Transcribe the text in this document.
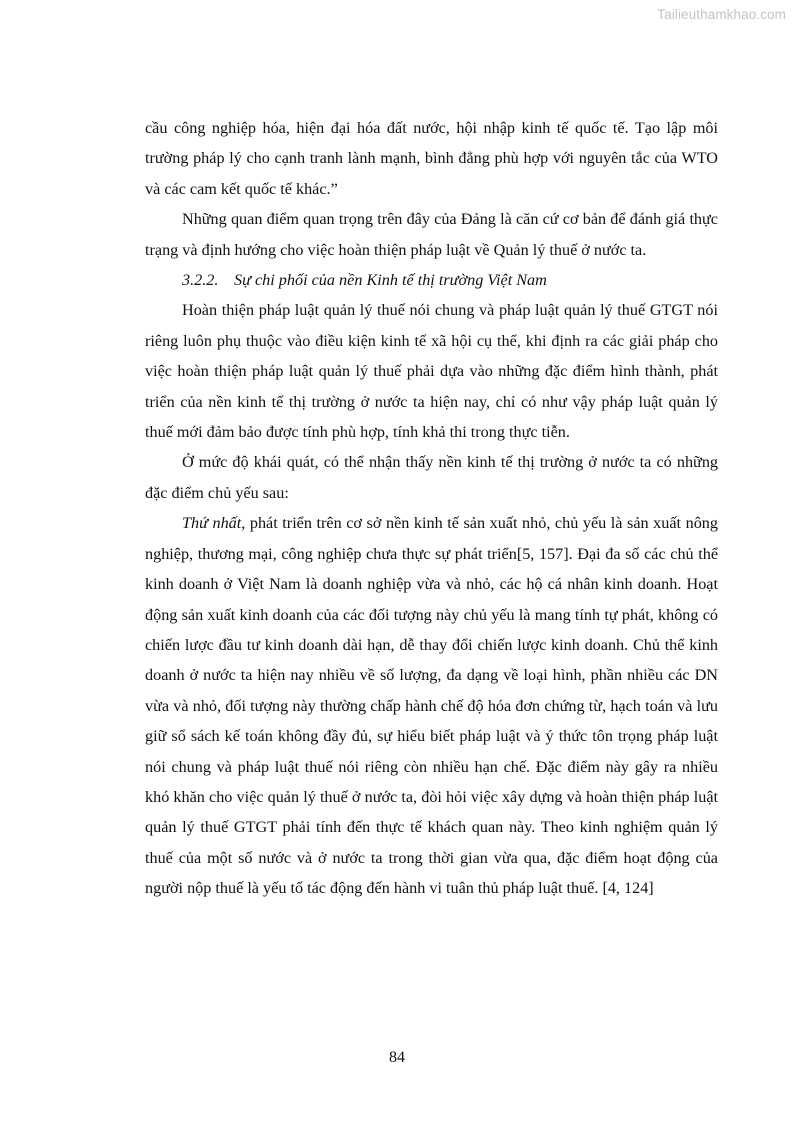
Tailieuthamkhao.com

cầu công nghiệp hóa, hiện đại hóa đất nước, hội nhập kinh tế quốc tế. Tạo lập môi trường pháp lý cho cạnh tranh lành mạnh, bình đẳng phù hợp với nguyên tắc của WTO và các cam kết quốc tế khác.”

Những quan điểm quan trọng trên đây của Đảng là căn cứ cơ bản để đánh giá thực trạng và định hướng cho việc hoàn thiện pháp luật về Quản lý thuế ở nước ta.

3.2.2. Sự chi phối của nền Kinh tế thị trường Việt Nam

Hoàn thiện pháp luật quản lý thuế nói chung và pháp luật quản lý thuế GTGT nói riêng luôn phụ thuộc vào điều kiện kinh tế xã hội cụ thể, khi định ra các giải pháp cho việc hoàn thiện pháp luật quản lý thuế phải dựa vào những đặc điểm hình thành, phát triển của nền kinh tế thị trường ở nước ta hiện nay, chỉ có như vậy pháp luật quản lý thuế mới đảm bảo được tính phù hợp, tính khả thi trong thực tiễn.

Ở mức độ khái quát, có thể nhận thấy nền kinh tế thị trường ở nước ta có những đặc điểm chủ yếu sau:

Thứ nhất, phát triển trên cơ sở nền kinh tế sản xuất nhỏ, chủ yếu là sản xuất nông nghiệp, thương mại, công nghiệp chưa thực sự phát triển[5, 157]. Đại đa số các chủ thể kinh doanh ở Việt Nam là doanh nghiệp vừa và nhỏ, các hộ cá nhân kinh doanh. Hoạt động sản xuất kinh doanh của các đối tượng này chủ yếu là mang tính tự phát, không có chiến lược đầu tư kinh doanh dài hạn, dễ thay đổi chiến lược kinh doanh. Chủ thể kinh doanh ở nước ta hiện nay nhiều về số lượng, đa dạng về loại hình, phần nhiều các DN vừa và nhỏ, đối tượng này thường chấp hành chế độ hóa đơn chứng từ, hạch toán và lưu giữ sổ sách kế toán không đầy đủ, sự hiểu biết pháp luật và ý thức tôn trọng pháp luật nói chung và pháp luật thuế nói riêng còn nhiều hạn chế. Đặc điểm này gây ra nhiều khó khăn cho việc quản lý thuế ở nước ta, đòi hỏi việc xây dựng và hoàn thiện pháp luật quản lý thuế GTGT phải tính đến thực tế khách quan này. Theo kinh nghiệm quản lý thuế của một số nước và ở nước ta trong thời gian vừa qua, đặc điểm hoạt động của người nộp thuế là yếu tố tác động đến hành vi tuân thủ pháp luật thuế. [4, 124]

84
